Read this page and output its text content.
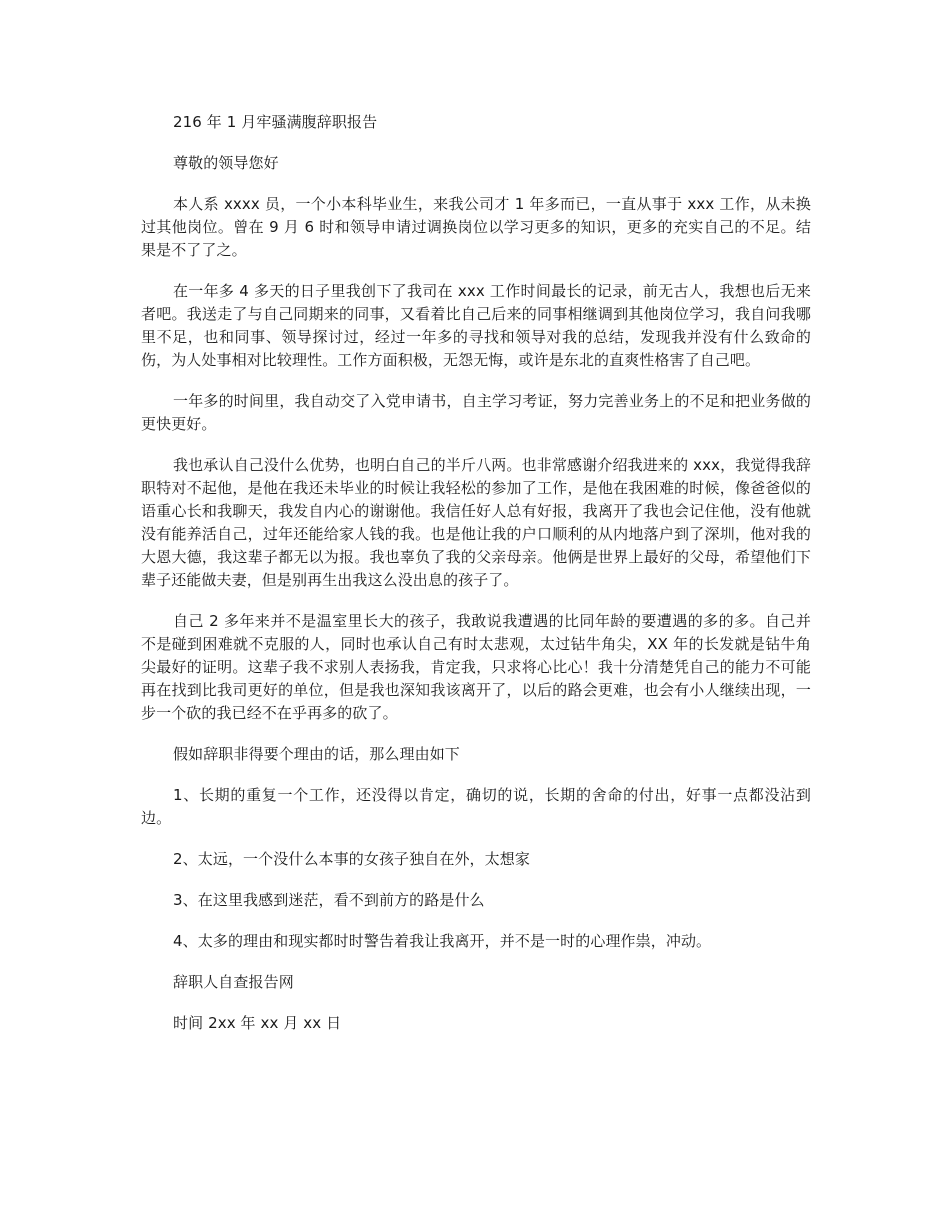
216 年 1 月牢骚满腹辞职报告
尊敬的领导您好

本人系 xxxx 员，一个小本科毕业生，来我公司才 1 年多而已，一直从事于 xxx 工作，从未换过其他岗位。曾在 9 月 6 时和领导申请过调换岗位以学习更多的知识，更多的充实自己的不足。结果是不了了之。

在一年多 4 多天的日子里我创下了我司在 xxx 工作时间最长的记录，前无古人，我想也后无来者吧。我送走了与自己同期来的同事，又看着比自己后来的同事相继调到其他岗位学习，我自问我哪里不足，也和同事、领导探讨过，经过一年多的寻找和领导对我的总结，发现我并没有什么致命的伤，为人处事相对比较理性。工作方面积极，无怨无悔，或许是东北的直爽性格害了自己吧。

一年多的时间里，我自动交了入党申请书，自主学习考证，努力完善业务上的不足和把业务做的更快更好。

我也承认自己没什么优势，也明白自己的半斤八两。也非常感谢介绍我进来的 xxx，我觉得我辞职特对不起他，是他在我还未毕业的时候让我轻松的参加了工作，是他在我困难的时候，像爸爸似的语重心长和我聊天，我发自内心的谢谢他。我信任好人总有好报，我离开了我也会记住他，没有他就没有能养活自己，过年还能给家人钱的我。也是他让我的户口顺利的从内地落户到了深圳，他对我的大恩大德，我这辈子都无以为报。我也辜负了我的父亲母亲。他俩是世界上最好的父母，希望他们下辈子还能做夫妻，但是别再生出我这么没出息的孩子了。

自己 2 多年来并不是温室里长大的孩子，我敢说我遭遇的比同年龄的要遭遇的多的多。自己并不是碰到困难就不克服的人，同时也承认自己有时太悲观，太过钻牛角尖，XX 年的长发就是钻牛角尖最好的证明。这辈子我不求别人表扬我，肯定我，只求将心比心！我十分清楚凭自己的能力不可能再在找到比我司更好的单位，但是我也深知我该离开了，以后的路会更难，也会有小人继续出现，一步一个砍的我已经不在乎再多的砍了。

假如辞职非得要个理由的话，那么理由如下

1、长期的重复一个工作，还没得以肯定，确切的说，长期的舍命的付出，好事一点都没沾到边。

2、太远，一个没什么本事的女孩子独自在外，太想家
3、在这里我感到迷茫，看不到前方的路是什么
4、太多的理由和现实都时时警告着我让我离开，并不是一时的心理作祟，冲动。
辞职人自查报告网
时间 2xx 年 xx 月 xx 日
